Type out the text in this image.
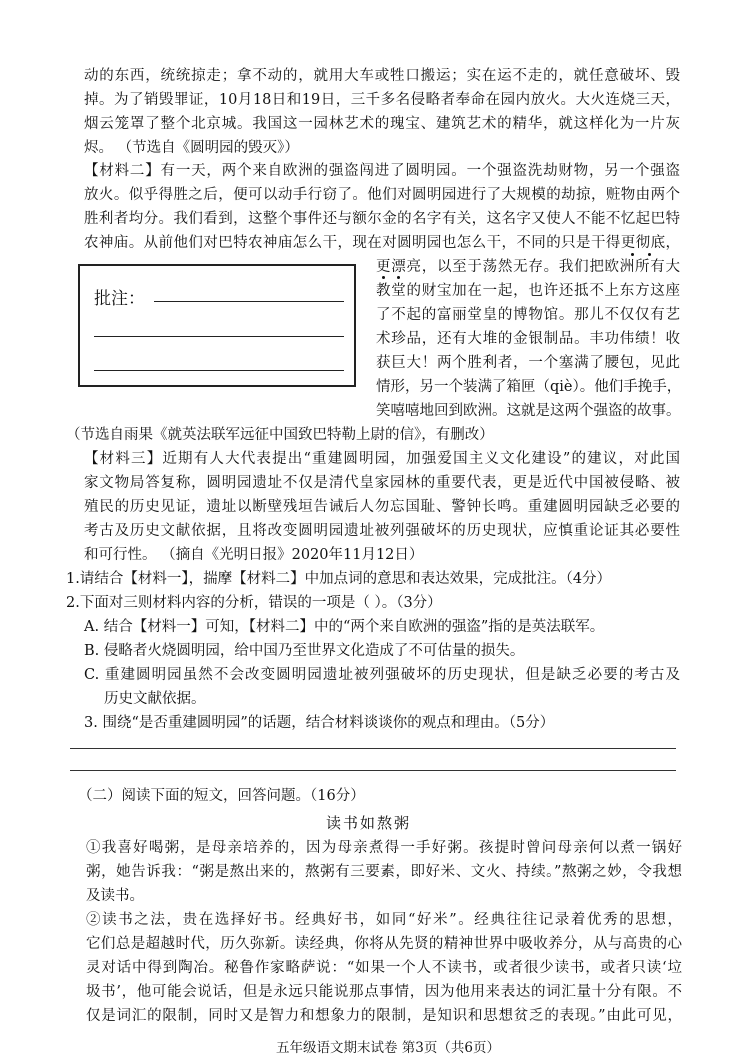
动的东西，统统掠走；拿不动的，就用大车或牲口搬运；实在运不走的，就任意破坏、毁
掉。为了销毁罪证，10月18日和19日，三千多名侵略者奉命在园内放火。大火连烧三天，
烟云笼罩了整个北京城。我国这一园林艺术的瑰宝、建筑艺术的精华，就这样化为一片灰
烬。 （节选自《圆明园的毁灭》）
【材料二】有一天，两个来自欧洲的强盗闯进了圆明园。一个强盗洗劫财物，另一个强盗
放火。似乎得胜之后，便可以动手行窃了。他们对圆明园进行了大规模的劫掠，赃物由两个
胜利者均分。我们看到，这整个事件还与额尔金的名字有关，这名字又使人不能不忆起巴特
农神庙。从前他们对巴特农神庙怎么干，现在对圆明园也怎么干，不同的只是干得更彻底，
批注：
更漂亮，以至于荡然无存。我们把欧洲所有大
教堂的财宝加在一起，也许还抵不上东方这座
了不起的富丽堂皇的博物馆。那儿不仅仅有艺
术珍品，还有大堆的金银制品。丰功伟绩！收
获巨大！两个胜利者，一个塞满了腰包，见此
情形，另一个装满了箱匣（qiè）。他们手挽手，
笑嘻嘻地回到欧洲。这就是这两个强盗的故事。
（节选自雨果《就英法联军远征中国致巴特勒上尉的信》，有删改）
【材料三】近期有人大代表提出“重建圆明园，加强爱国主义文化建设”的建议，对此国
家文物局答复称，圆明园遗址不仅是清代皇家园林的重要代表，更是近代中国被侵略、被
殖民的历史见证，遗址以断壁残垣告诫后人勿忘国耻、警钟长鸣。重建圆明园缺乏必要的
考古及历史文献依据，且将改变圆明园遗址被列强破坏的历史现状，应慎重论证其必要性
和可行性。 （摘自《光明日报》2020年11月12日）
1.请结合【材料一】，揣摩【材料二】中加点词的意思和表达效果，完成批注。（4分）
2.下面对三则材料内容的分析，错误的一项是（ ）。（3分）
A. 结合【材料一】可知，【材料二】中的“两个来自欧洲的强盗”指的是英法联军。
B. 侵略者火烧圆明园，给中国乃至世界文化造成了不可估量的损失。
C. 重建圆明园虽然不会改变圆明园遗址被列强破坏的历史现状，但是缺乏必要的考古及
历史文献依据。
3. 围绕“是否重建圆明园”的话题，结合材料谈谈你的观点和理由。（5分）
（二）阅读下面的短文，回答问题。（16分）
读书如熬粥
①我喜好喝粥，是母亲培养的，因为母亲煮得一手好粥。孩提时曾问母亲何以煮一锅好
粥，她告诉我：“粥是熬出来的，熬粥有三要素，即好米、文火、持续。”熬粥之妙，令我想
及读书。
②读书之法，贵在选择好书。经典好书，如同“好米”。经典往往记录着优秀的思想，
它们总是超越时代，历久弥新。读经典，你将从先贤的精神世界中吸收养分，从与高贵的心
灵对话中得到陶冶。秘鲁作家略萨说：“如果一个人不读书，或者很少读书，或者只读‘垃
圾书’，他可能会说话，但是永远只能说那点事情，因为他用来表达的词汇量十分有限。不
仅是词汇的限制，同时又是智力和想象力的限制，是知识和思想贫乏的表现。”由此可见，
五年级语文期末试卷 第3页（共6页）
